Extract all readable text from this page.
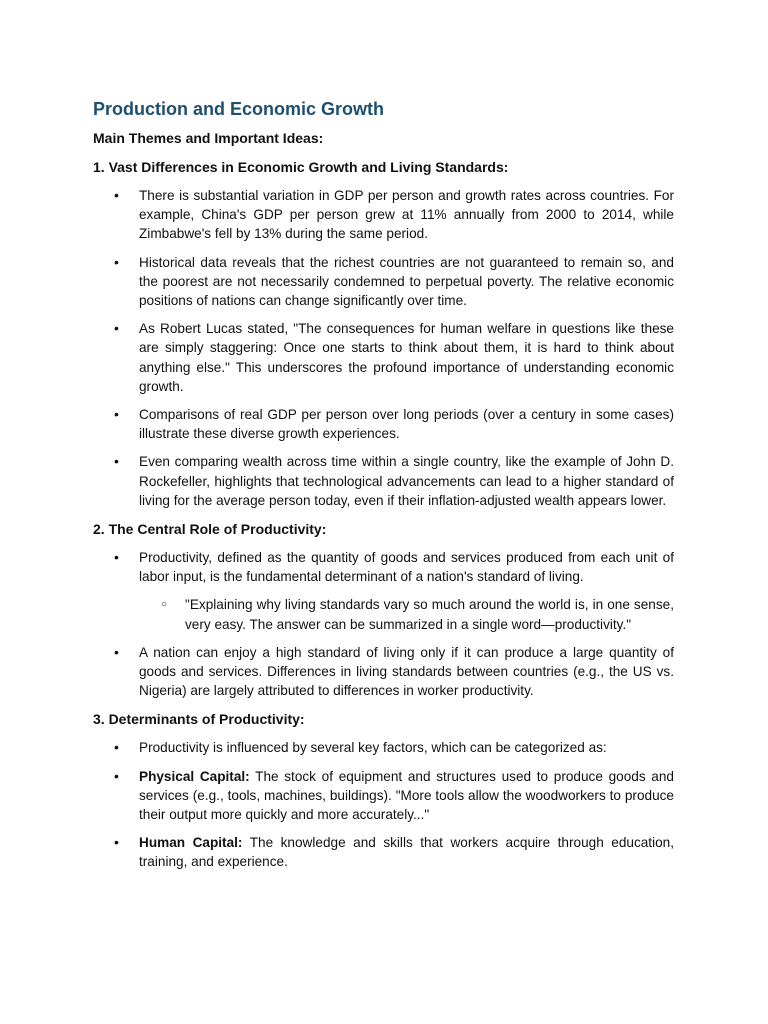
Production and Economic Growth
Main Themes and Important Ideas:
1. Vast Differences in Economic Growth and Living Standards:
• There is substantial variation in GDP per person and growth rates across countries. For example, China's GDP per person grew at 11% annually from 2000 to 2014, while Zimbabwe's fell by 13% during the same period.
• Historical data reveals that the richest countries are not guaranteed to remain so, and the poorest are not necessarily condemned to perpetual poverty. The relative economic positions of nations can change significantly over time.
• As Robert Lucas stated, "The consequences for human welfare in questions like these are simply staggering: Once one starts to think about them, it is hard to think about anything else." This underscores the profound importance of understanding economic growth.
• Comparisons of real GDP per person over long periods (over a century in some cases) illustrate these diverse growth experiences.
• Even comparing wealth across time within a single country, like the example of John D. Rockefeller, highlights that technological advancements can lead to a higher standard of living for the average person today, even if their inflation-adjusted wealth appears lower.
2. The Central Role of Productivity:
• Productivity, defined as the quantity of goods and services produced from each unit of labor input, is the fundamental determinant of a nation's standard of living.
○ "Explaining why living standards vary so much around the world is, in one sense, very easy. The answer can be summarized in a single word—productivity."
• A nation can enjoy a high standard of living only if it can produce a large quantity of goods and services. Differences in living standards between countries (e.g., the US vs. Nigeria) are largely attributed to differences in worker productivity.
3. Determinants of Productivity:
• Productivity is influenced by several key factors, which can be categorized as:
• Physical Capital: The stock of equipment and structures used to produce goods and services (e.g., tools, machines, buildings). "More tools allow the woodworkers to produce their output more quickly and more accurately..."
• Human Capital: The knowledge and skills that workers acquire through education, training, and experience.
